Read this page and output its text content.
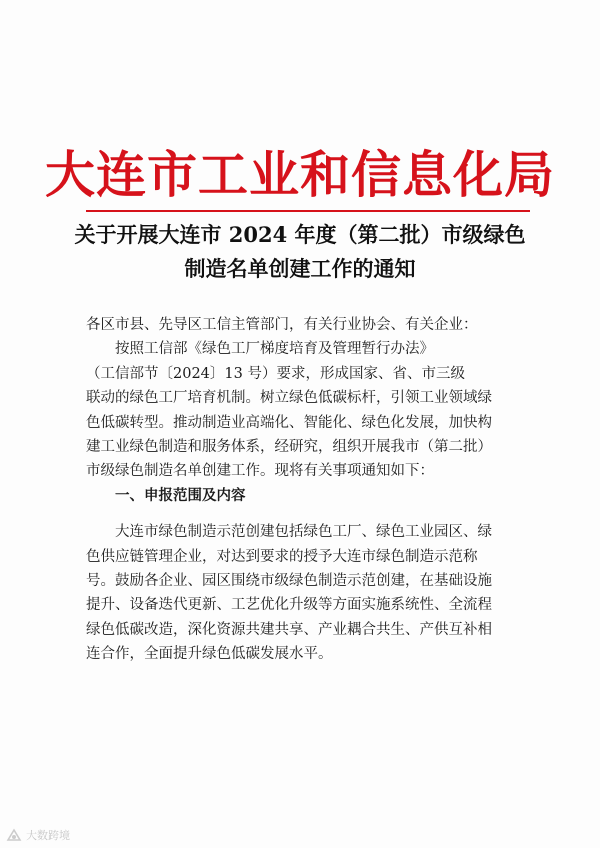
大连市工业和信息化局
关于开展大连市 2024 年度（第二批）市级绿色
制造名单创建工作的通知
各区市县、先导区工信主管部门，有关行业协会、有关企业：
按照工信部《绿色工厂梯度培育及管理暂行办法》
（工信部节〔2024〕13 号）要求，形成国家、省、市三级
联动的绿色工厂培育机制。树立绿色低碳标杆，引领工业领域绿
色低碳转型。推动制造业高端化、智能化、绿色化发展，加快构
建工业绿色制造和服务体系，经研究，组织开展我市（第二批）
市级绿色制造名单创建工作。现将有关事项通知如下：
一、申报范围及内容
大连市绿色制造示范创建包括绿色工厂、绿色工业园区、绿
色供应链管理企业，对达到要求的授予大连市绿色制造示范称
号。鼓励各企业、园区围绕市级绿色制造示范创建，在基础设施
提升、设备迭代更新、工艺优化升级等方面实施系统性、全流程
绿色低碳改造，深化资源共建共享、产业耦合共生、产供互补相
连合作，全面提升绿色低碳发展水平。
大数跨境
